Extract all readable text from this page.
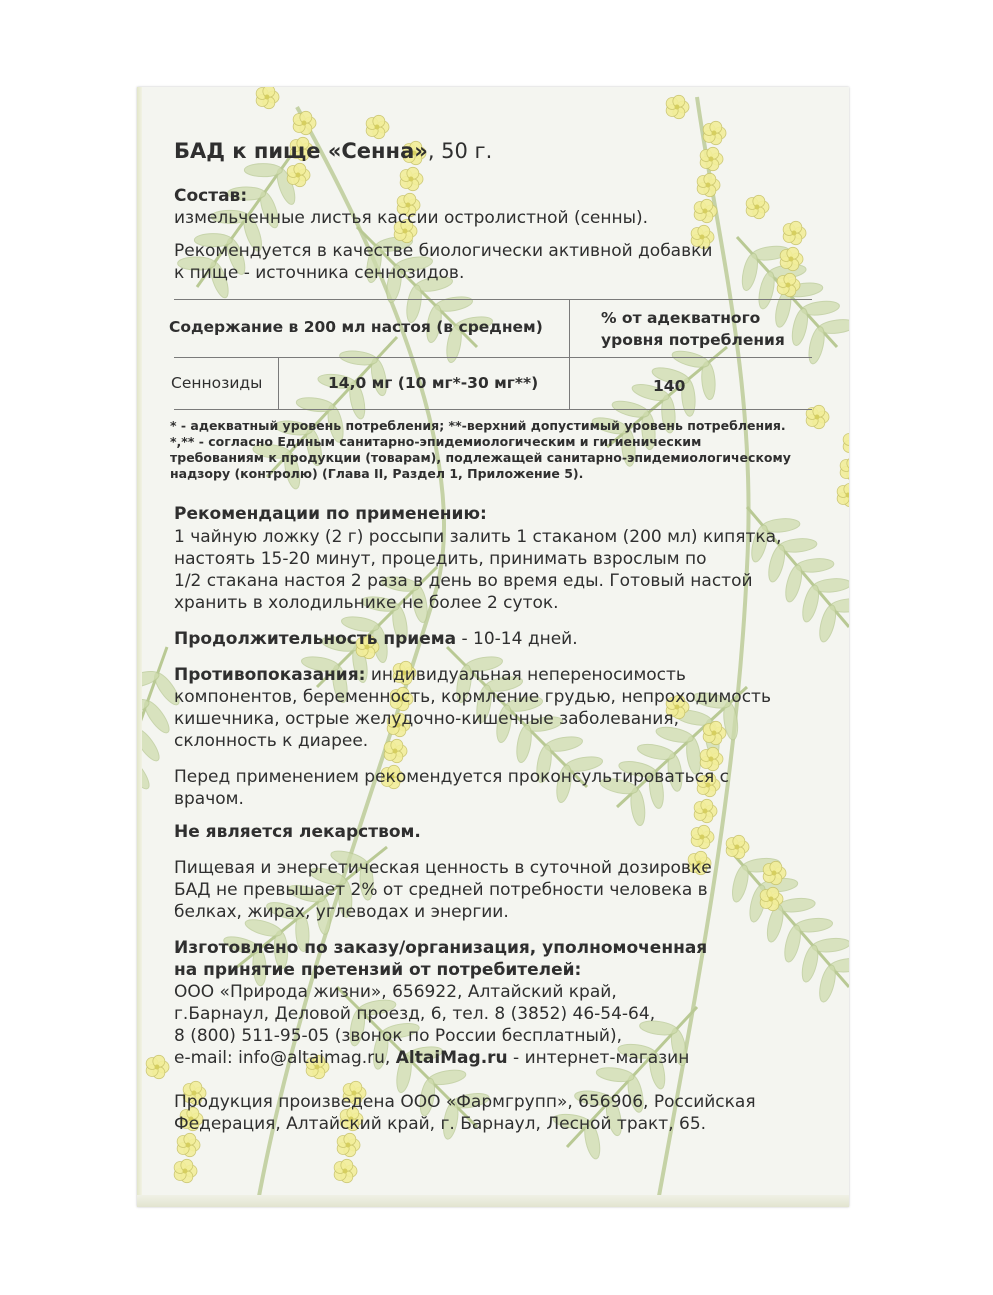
БАД к пище «Сенна», 50 г.
Состав:
измельченные листья кассии остролистной (сенны).
Рекомендуется в качестве биологически активной добавки
к пище - источника сеннозидов.
Содержание в 200 мл настоя (в среднем)	% от адекватного
уровня потребления
Сеннозиды	14,0 мг (10 мг*-30 мг**)	140
* - адекватный уровень потребления; **-верхний допустимый уровень потребления.
*,** - согласно Единым санитарно-эпидемиологическим и гигиеническим
требованиям к продукции (товарам), подлежащей санитарно-эпидемиологическому
надзору (контролю) (Глава II, Раздел 1, Приложение 5).
Рекомендации по применению:
1 чайную ложку (2 г) россыпи залить 1 стаканом (200 мл) кипятка,
настоять 15-20 минут, процедить, принимать взрослым по
1/2 стакана настоя 2 раза в день во время еды. Готовый настой
хранить в холодильнике не более 2 суток.
Продолжительность приема - 10-14 дней.
Противопоказания: индивидуальная непереносимость
компонентов, беременность, кормление грудью, непроходимость
кишечника, острые желудочно-кишечные заболевания,
склонность к диарее.
Перед применением рекомендуется проконсультироваться с
врачом.
Не является лекарством.
Пищевая и энергетическая ценность в суточной дозировке
БАД не превышает 2% от средней потребности человека в
белках, жирах, углеводах и энергии.
Изготовлено по заказу/организация, уполномоченная
на принятие претензий от потребителей:
ООО «Природа жизни», 656922, Алтайский край,
г.Барнаул, Деловой проезд, 6, тел. 8 (3852) 46-54-64,
8 (800) 511-95-05 (звонок по России бесплатный),
e-mail: info@altaimag.ru, AltaiMag.ru - интернет-магазин
Продукция произведена ООО «Фармгрупп», 656906, Российская
Федерация, Алтайский край, г. Барнаул, Лесной тракт, 65.
